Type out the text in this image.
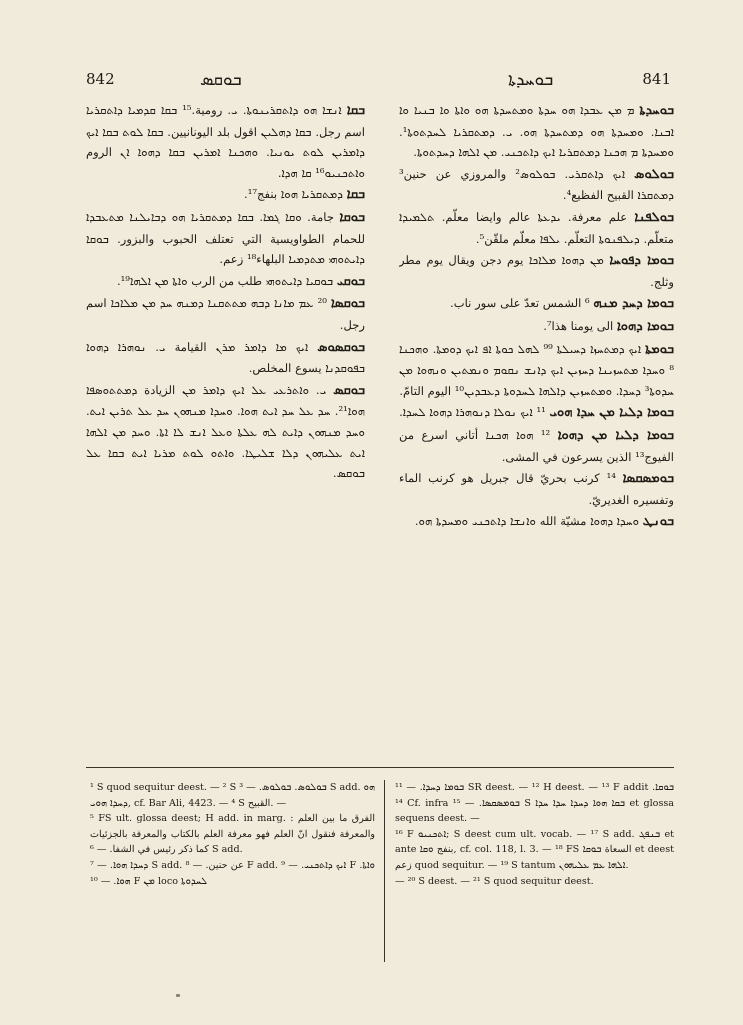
842	ܒܘܩܣ	ܒܘܚܕܬܐ	841

ܒܩܐ ܐܢܫܐ ܗܘ ܕܐܬܩܪܝܢܘܬܐ. ܝ. رومية.¹⁵ ܒܩܐ ܩܕܡܝܐ ܕܐܬܩܪܝܐ اسم رجل. ܒܩܐ ܕܗܠܝܢ اقول بلد اليونانيين. ܒܩܐ ܠܘܬ ܒܩܐ ܐܝܟ ܕܐܡܪܝܢ ܠܘܬ ܝܘܢܝܐ. ܘܗܟܢܐ ܐܡܪܝܢ ܒܩܐ ܕܗܘܐ ܐܢ الروم ܘܐܬܟܢܝܘ¹⁶ ܩܐ ܗܕܐ.

ܒܩܐ ܕܡܬܩܪܝܐ ܗܘܐ بنفج¹⁷.

ܒܘܩܐ جامة. ܘܩܐ ܓܡܐ. ܒܩܐ ܕܡܬܩܪܝܐ ܗܘ ܕܒܐܝܠܢܐ ܡܬܥܒܕܐ للحمام الطواويسية التي تعتلف الحبوب والبزور. ܒܘܩܐ ܕܐܝܬܘܗܝ ܡܬܕܡܝܐ البلهاء¹⁸ زعم.

ܒܘܩܝ ܒܘܩܝܐ ܕܐܝܬܘܗܝ طلب من الرب ܘܐܬܐ ܡܢ ܐܠܗܐ¹⁹.

ܒܘܩܣܐ ²⁰ ܥܡ ܡܐܢܐ ܕܒܗ ܡܬܬܩܢܐ ܕܡܢܗ ܚܕ ܡܢ ܡܠܐܟܐ اسم رجل.

ܒܘܩܣܘܣ ܐܝܟ ܡܐ ܕܐܡܪ ܡܪܢ القيامة ܝ. ܢܘܗܪܐ ܕܗܘܐ ܒܦܘܩܕܢܐ يسوع المخلص.

ܒܘܩܣ ܝ. ܘܐܬܪܥܝ ܥܠ ܐܝܟ ܕܐܡܪ ܡܢ الزيادة ܕܡܬܬܘܣܦܐ ܗܘܐ²¹. ܚܕ ܥܠ ܚܕ ܐܝܬ ܗܘܐ. ܘܚܕܐ ܡܢܗܘܢ ܚܕ ܥܠ ܬܪܝܢ ܐܝܬ. ܘܚܕ ܡܢܗܘܢ ܕܐܝܬ ܠܗ ܥܠܬܐ ܘܥܠ ܐܢܫ ܠܐ ܐܬܐ. ܘܚܕ ܡܢ ܐܠܗܐ ܐܝܬ ܥܠܝܗܘܢ ܕܠܐ ܫܠܝܛܐ. ܘܐܬܘ ܠܘܬ ܡܪܝܐ ܐܝܬ ܒܩܐ ܥܠ ܒܘܩܣ.

ܒܘܚܕܬܐ ܡ ܡܢ ܥܒܕܐ ܗܘ ܚܕܬܐ ܘܡܬܚܕܬܐ ܗܘ ܘܐܬܐ ܘܐ ܒܢܝܐ ܘܐ ܐܒܢܐ. ܘܡܚܕܬܐ ܗܘ ܕܡܬܚܕܬܐ ܗܘ. ܝ. ܕܡܬܩܪܝܐ ܠܚܕܬܘܬܐ¹. ܘܡܚܕܬܐ ܡ ܗܟܢܐ ܕܡܬܩܪܝܐ ܐܝܟ ܕܐܬܟܢܝ. ܡܢ ܐܠܗܐ ܕܚܕܬܘܬܐ.

ܒܘܠܘܣ ܐܝܟ ܕܐܬܩܪܝ. ܒܘܠܘܣ² والمروزي عن حنين³ ܕܡܬܩܪܐ القبيح الفظيع⁴.

ܒܘܠܦܢܐ علم معرفة. ܝܕܥܬܐ عالم وايضا معلّم. ܬܠܡܝܕܐ متعلّم. ܕܝܠܦܢܘܬܐ التعلّم. ܝܠܦܐ معلّم ملقّن⁵.

ܒܘܡܐ ܕܦܘܚܐ ܡܢ ܕܗܘܐ ܡܠܐܟܐ يوم دجن ويقال يوم مطر وثلج.

ܒܘܡܐ ܕܚܕ ܡܢܗ ⁶ الشمس تعدّ على سور ناب.

ܒܘܡܐ ܕܗܘܐ الى يومنا هذا⁷.

ܒܘܡܬܐ ܐܝܟ ܕܡܬܚܙܐ ܕܚܝܠܬܐ ⁹⁹ ܠܗܠ ܟܘܬܐ ܐܦ ܐܝܟ ܕܘܡܬܐ. ܘܗܟܢܐ ⁸ ܘܚܕܐ ܡܬܚܙܝܢܐ ܕܚܙܝܢ ܐܝܟ ܕܐܢܫ ܢܩܘܡ ܘܢܡܬܝܢ ܘܢܗܘܐ ܡܢ ܚܕܘܬܐ³ ܕܚܕܐ. ܘܡܬܚܙܝܢ ܕܐܠܗܐ ܠܚܕܘܬܐ ܕܥܒܕܝܢ¹⁰ اليوم التامّ.

ܒܘܡܐ ܕܠܝܐ ܡܢ ܚܕܐ ܗܘܝ ¹¹ ܐܝܟ ܢܘܠܐ ܕܢܘܗܪܐ ܕܗܘܐ ܠܚܕܐ.

ܒܘܡܐ ܕܠܝܐ ܡܢ ܕܗܘܐ ¹² ܗܘܐ ܗܟܢܐ أتاني اسرع من الفيوج¹³ الذين يسرعون في المشى.

ܒܘܡܣܩܣܐ ¹⁴ كرنب بحريّ قال جبريل هو كرنب الماء وتفسيره الغديريّ.

ܒܘܢܛ ܘܚܕܐ ܕܗܘܐ مشيّة الله ܘܐܢܫܐ ܕܐܬܟܢܝ ܘܡܚܕܬܐ ܗܘ.

¹ S quod sequitur deest. — ² S ܒܘܠܘܣ. ܒܘܠܘܣ. — ³ S add. ܗܘ ܕܚܕܐ ܗܘܝ, cf. Bar Ali, 4423. — ⁴ S القبيح. —

⁵ FS ult. glossa deest; H add. in marg. : الفرق ما بين العلم والمعرفة فنقول انّ العلم فهو معرفة العلم بالكتاب والمعرفة بالجزئيات كما ذكر رئيس في الشفا. — ⁶ S add.

ܕܚܕܐ ܗܘܐ. — ⁷ S add. عن حنين. — ⁸ F add. ܐܝܟ ܕܐܬܟܢܝ. — ⁹ F ܘܐܬܐ. ܗܘܐ. — ¹⁰ F ܡܢ loco ܠܚܕܘܬܐ

ܒܘܡܐ ܕܚܕܐ. — ¹¹ SR deest. — ¹² H deest. — ¹³ F addit ܒܘܩܐ. ¹⁴ Cf. infra ܒܘܡܣܩܣܐ. — ¹⁵ S ܒܩܐ ܗܘܐ ܕܚܕܐ ܚܕܐ ܚܕܐ et glossa sequens deest. —

¹⁶ F ܐܬܟܢܝܘ; S deest cum ult. vocab. — ¹⁷ S add. ܒܢܦܓ et ante بنفج ܘܩܐ, cf. col. 118, l. 3. — ¹⁸ FS السعاة ܒܘܩܐ et deest زعم quod sequitur. — ¹⁹ S tantum ܐܠܗܐ ܥܡ ܥܠܝܗܘܢ.

— ²⁰ S deest. — ²¹ S quod sequitur deest.
